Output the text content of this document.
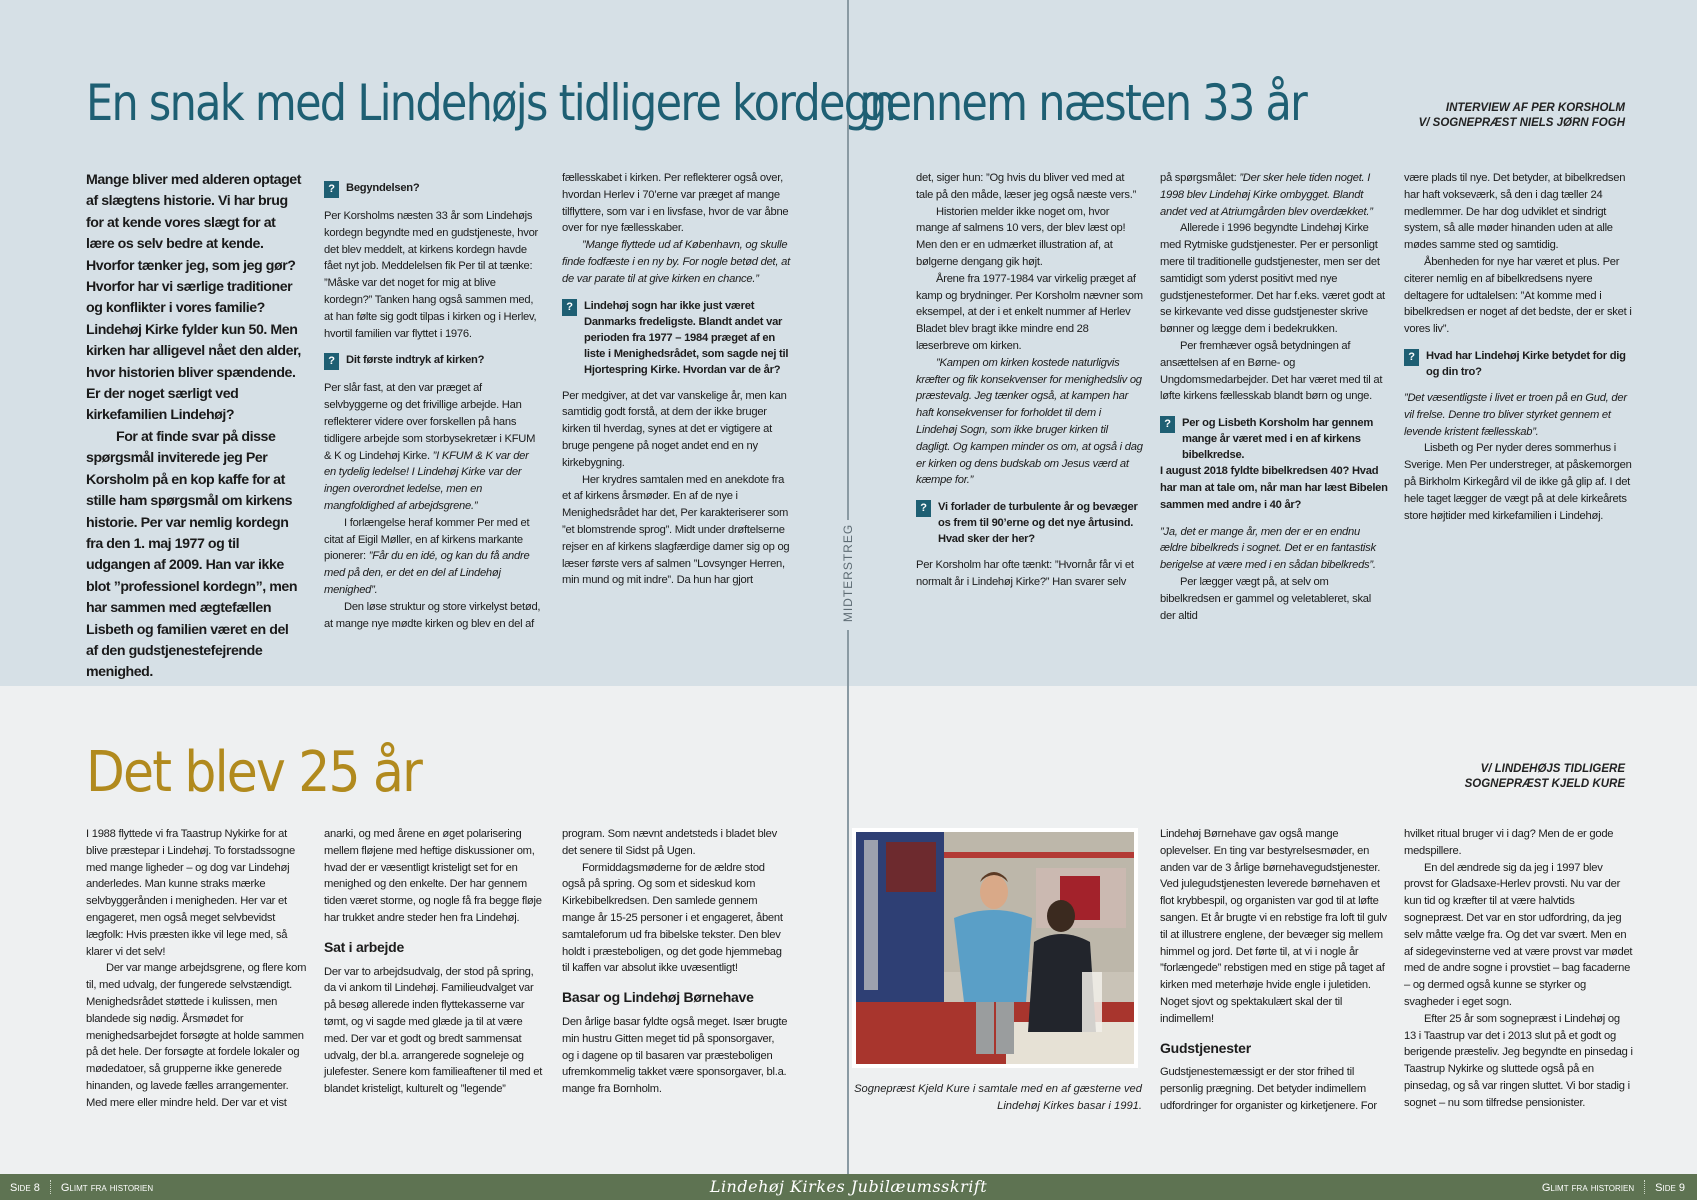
MIDTERSTREG
En snak med Lindehøjs tidligere kordegn
gennem næsten 33 år	INTERVIEW AF PER KORSHOLM
V/ SOGNEPRÆST NIELS JØRN FOGH

Mange bliver med alderen optaget af slægtens historie. Vi har brug for at kende vores slægt for at lære os selv bedre at kende. Hvorfor tænker jeg, som jeg gør? Hvorfor har vi særlige traditioner og konflikter i vores familie? Lindehøj Kirke fylder kun 50. Men kirken har alligevel nået den alder, hvor historien bliver spændende. Er der noget særligt ved kirkefamilien Lindehøj?

For at finde svar på disse spørgsmål inviterede jeg Per Korsholm på en kop kaffe for at stille ham spørgsmål om kirkens historie. Per var nemlig kordegn fra den 1. maj 1977 og til udgangen af 2009. Han var ikke blot ”professionel kordegn”, men har sammen med ægtefællen Lisbeth og familien været en del af den gudstjenestefejrende menighed.

?	Begyndelsen?

Per Korsholms næsten 33 år som Lindehøjs kordegn begyndte med en gudstjeneste, hvor det blev meddelt, at kirkens kordegn havde fået nyt job. Meddelelsen fik Per til at tænke: ”Måske var det noget for mig at blive kordegn?” Tanken hang også sammen med, at han følte sig godt tilpas i kirken og i Herlev, hvortil familien var flyttet i 1976.

?	Dit første indtryk af kirken?

Per slår fast, at den var præget af selvbyggerne og det frivillige arbejde. Han reflekterer videre over forskellen på hans tidligere arbejde som storbysekretær i KFUM & K og Lindehøj Kirke. ”I KFUM & K var der en tydelig ledelse! I Lindehøj Kirke var der ingen overordnet ledelse, men en mangfoldighed af arbejdsgrene.”

I forlængelse heraf kommer Per med et citat af Eigil Møller, en af kirkens markante pionerer: ”Får du en idé, og kan du få andre med på den, er det en del af Lindehøj menighed”.

Den løse struktur og store virkelyst betød, at mange nye mødte kirken og blev en del af

fællesskabet i kirken. Per reflekterer også over, hvordan Herlev i 70’erne var præget af mange tilflyttere, som var i en livsfase, hvor de var åbne over for nye fællesskaber.

”Mange flyttede ud af København, og skulle finde fodfæste i en ny by. For nogle betød det, at de var parate til at give kirken en chance.”

?	Lindehøj sogn har ikke just været Danmarks fredeligste. Blandt andet var perioden fra 1977 – 1984 præget af en liste i Menighedsrådet, som sagde nej til Hjortespring Kirke. Hvordan var de år?

Per medgiver, at det var vanskelige år, men kan samtidig godt forstå, at dem der ikke bruger kirken til hverdag, synes at det er vigtigere at bruge pengene på noget andet end en ny kirkebygning.

Her krydres samtalen med en anekdote fra et af kirkens årsmøder. En af de nye i Menighedsrådet har det, Per karakteriserer som ”et blomstrende sprog”. Midt under drøftelserne rejser en af kirkens slagfærdige damer sig op og læser første vers af salmen ”Lovsynger Herren, min mund og mit indre”. Da hun har gjort

det, siger hun: ”Og hvis du bliver ved med at tale på den måde, læser jeg også næste vers.”

Historien melder ikke noget om, hvor mange af salmens 10 vers, der blev læst op! Men den er en udmærket illustration af, at bølgerne dengang gik højt.

Årene fra 1977-1984 var virkelig præget af kamp og brydninger. Per Korsholm nævner som eksempel, at der i et enkelt nummer af Herlev Bladet blev bragt ikke mindre end 28 læserbreve om kirken.

”Kampen om kirken kostede naturligvis kræfter og fik konsekvenser for menighedsliv og præstevalg. Jeg tænker også, at kampen har haft konsekvenser for forholdet til dem i Lindehøj Sogn, som ikke bruger kirken til dagligt. Og kampen minder os om, at også i dag er kirken og dens budskab om Jesus værd at kæmpe for.”

?	Vi forlader de turbulente år og bevæger os frem til 90’erne og det nye årtusind. Hvad sker der her?

Per Korsholm har ofte tænkt: ”Hvornår får vi et normalt år i Lindehøj Kirke?” Han svarer selv

på spørgsmålet: ”Der sker hele tiden noget. I 1998 blev Lindehøj Kirke ombygget. Blandt andet ved at Atriumgården blev overdækket.”

Allerede i 1996 begyndte Lindehøj Kirke med Rytmiske gudstjenester. Per er personligt mere til traditionelle gudstjenester, men ser det samtidigt som yderst positivt med nye gudstjenesteformer. Det har f.eks. været godt at se kirkevante ved disse gudstjenester skrive bønner og lægge dem i bedekrukken.

Per fremhæver også betydningen af ansættelsen af en Børne- og Ungdomsmedarbejder. Det har været med til at løfte kirkens fællesskab blandt børn og unge.

?	Per og Lisbeth Korsholm har gennem mange år været med i en af kirkens bibelkredse.
I august 2018 fyldte bibelkredsen 40? Hvad har man at tale om, når man har læst Bibelen sammen med andre i 40 år?

”Ja, det er mange år, men der er en endnu ældre bibelkreds i sognet. Det er en fantastisk berigelse at være med i en sådan bibelkreds”.

Per lægger vægt på, at selv om bibelkredsen er gammel og veletableret, skal der altid

være plads til nye. Det betyder, at bibelkredsen har haft vokseværk, så den i dag tæller 24 medlemmer. De har dog udviklet et sindrigt system, så alle møder hinanden uden at alle mødes samme sted og samtidig.

Åbenheden for nye har været et plus. Per citerer nemlig en af bibelkredsens nyere deltagere for udtalelsen: ”At komme med i bibelkredsen er noget af det bedste, der er sket i vores liv”.

?	Hvad har Lindehøj Kirke betydet for dig og din tro?

”Det væsentligste i livet er troen på en Gud, der vil frelse. Denne tro bliver styrket gennem et levende kristent fællesskab”.

Lisbeth og Per nyder deres sommerhus i Sverige. Men Per understreger, at påskemorgen på Birkholm Kirkegård vil de ikke gå glip af. I det hele taget lægger de vægt på at dele kirkeårets store højtider med kirkefamilien i Lindehøj.

Det blev 25 år	V/ LINDEHØJS TIDLIGERE
SOGNEPRÆST KJELD KURE

I 1988 flyttede vi fra Taastrup Nykirke for at blive præstepar i Lindehøj. To forstadssogne med mange ligheder – og dog var Lindehøj anderledes. Man kunne straks mærke selvbyggerånden i menigheden. Her var et engageret, men også meget selvbevidst lægfolk: Hvis præsten ikke vil lege med, så klarer vi det selv!

Der var mange arbejdsgrene, og flere kom til, med udvalg, der fungerede selvstændigt. Menighedsrådet støttede i kulissen, men blandede sig nødig. Årsmødet for menighedsarbejdet forsøgte at holde sammen på det hele. Der forsøgte at fordele lokaler og mødedatoer, så grupperne ikke generede hinanden, og lavede fælles arrangementer. Med mere eller mindre held. Der var et vist

anarki, og med årene en øget polarisering mellem fløjene med heftige diskussioner om, hvad der er væsentligt kristeligt set for en menighed og den enkelte. Der har gennem tiden været storme, og nogle få fra begge fløje har trukket andre steder hen fra Lindehøj.

Sat i arbejde

Der var to arbejdsudvalg, der stod på spring, da vi ankom til Lindehøj. Familieudvalget var på besøg allerede inden flyttekasserne var tømt, og vi sagde med glæde ja til at være med. Der var et godt og bredt sammensat udvalg, der bl.a. arrangerede sogneleje og julefester. Senere kom familieaftener til med et blandet kristeligt, kulturelt og ”legende”

program. Som nævnt andetsteds i bladet blev det senere til Sidst på Ugen.

Formiddagsmøderne for de ældre stod også på spring. Og som et sideskud kom Kirkebibelkredsen. Den samlede gennem mange år 15-25 personer i et engageret, åbent samtaleforum ud fra bibelske tekster. Den blev holdt i præsteboligen, og det gode hjemmebag til kaffen var absolut ikke uvæsentligt!

Basar og Lindehøj Børnehave

Den årlige basar fyldte også meget. Især brugte min hustru Gitten meget tid på sponsorgaver, og i dagene op til basaren var præsteboligen ufremkommelig takket være sponsorgaver, bl.a. mange fra Bornholm.	Sognepræst Kjeld Kure i samtale med en af gæsterne ved Lindehøj Kirkes basar i 1991.

Lindehøj Børnehave gav også mange oplevelser. En ting var bestyrelsesmøder, en anden var de 3 årlige børnehavegudstjenester. Ved julegudstjenesten leverede børnehaven et flot krybbespil, og organisten var god til at løfte sangen. Et år brugte vi en rebstige fra loft til gulv til at illustrere englene, der bevæger sig mellem himmel og jord. Det førte til, at vi i nogle år ”forlængede” rebstigen med en stige på taget af kirken med meterhøje hvide engle i juletiden. Noget sjovt og spektakulært skal der til indimellem!

Gudstjenester

Gudstjenestemæssigt er der stor frihed til personlig prægning. Det betyder indimellem udfordringer for organister og kirketjenere. For

hvilket ritual bruger vi i dag? Men de er gode medspillere.

En del ændrede sig da jeg i 1997 blev provst for Gladsaxe-Herlev provsti. Nu var der kun tid og kræfter til at være halvtids sognepræst. Det var en stor udfordring, da jeg selv måtte vælge fra. Og det var svært. Men en af sidegevinsterne ved at være provst var mødet med de andre sogne i provstiet – bag facaderne – og dermed også kunne se styrker og svagheder i eget sogn.

Efter 25 år som sognepræst i Lindehøj og 13 i Taastrup var det i 2013 slut på et godt og berigende præsteliv. Jeg begyndte en pinsedag i Taastrup Nykirke og sluttede også på en pinsedag, og så var ringen sluttet. Vi bor stadig i sognet – nu som tilfredse pensionister.

Side 8 Glimt fra historien	Lindehøj Kirkes Jubilæumsskrift	Glimt fra historien Side 9
